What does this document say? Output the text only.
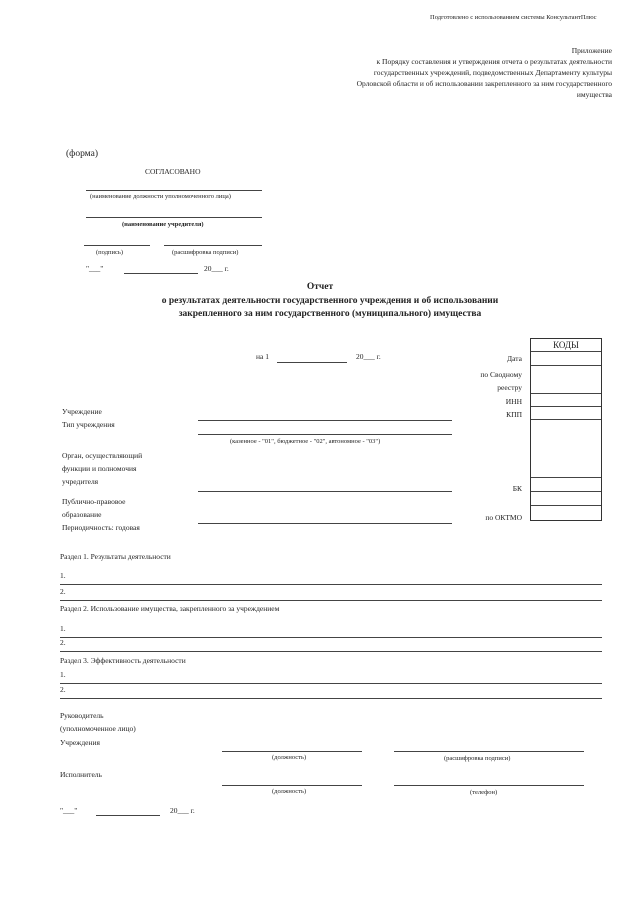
Подготовлено с использованием системы КонсультантПлюс
Приложение
к Порядку составления и утверждения отчета о результатах деятельности
государственных учреждений, подведомственных Департаменту культуры
Орловской области и об использовании закрепленного за ним государственного
имущества
(форма)
СОГЛАСОВАНО
(наименование должности уполномоченного лица)
(наименование учредителя)
(подпись)	(расшифровка подписи)
"___"	20___ г.
Отчет
о результатах деятельности государственного учреждения и об использовании
закрепленного за ним государственного (муниципального) имущества
на 1	20___ г.	Дата
по Сводному
реестру
ИНН
КПП
БК
по ОКТМО
КОДЫ
Учреждение
Тип учреждения
(казенное - "01", бюджетное - "02", автономное - "03")
Орган, осуществляющий
функции и полномочия
учредителя
Публично-правовое
образование
Периодичность: годовая
Раздел 1. Результаты деятельности
1.
2.
Раздел 2. Использование имущества, закрепленного за учреждением
1.
2.
Раздел 3. Эффективность деятельности
1.
2.
Руководитель
(уполномоченное лицо)
Учреждения
(должность)	(расшифровка подписи)
Исполнитель
(должность)	(телефон)
"___"	20___ г.
